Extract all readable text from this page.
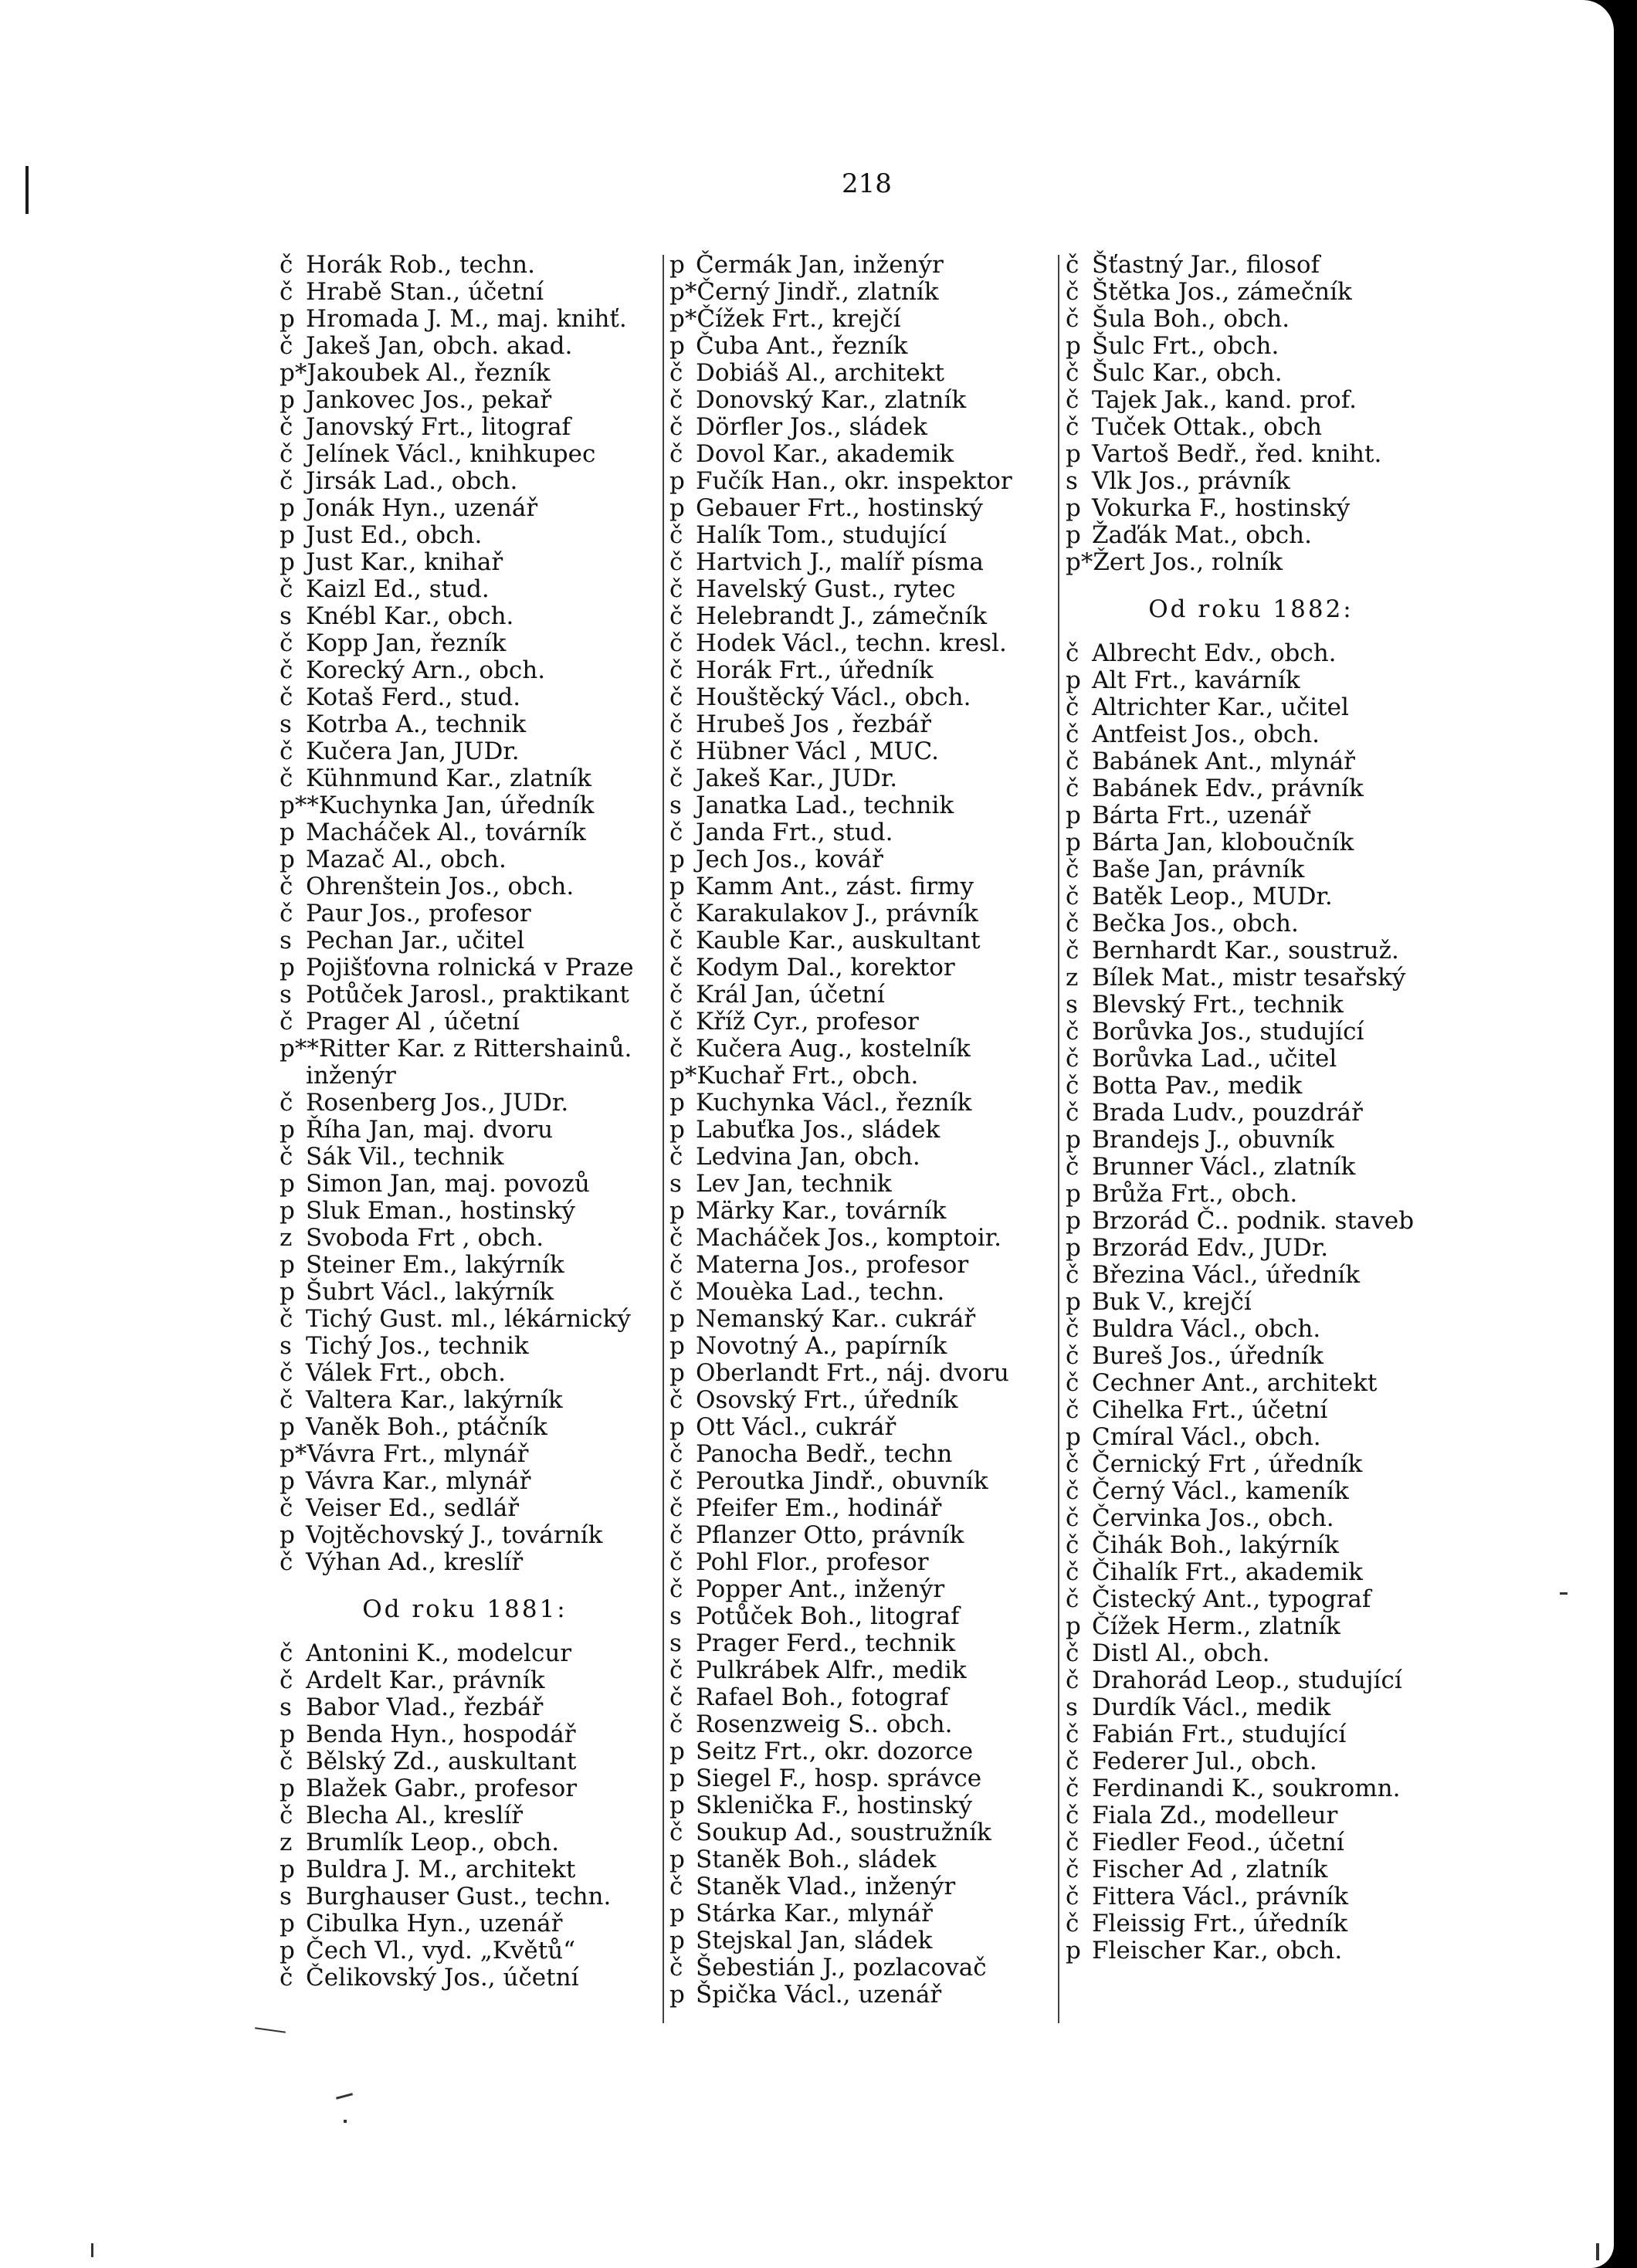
218
čHorák Rob., techn.
čHrabě Stan., účetní
pHromada J. M., maj. knihť.
čJakeš Jan, obch. akad.
p*Jakoubek Al., řezník
pJankovec Jos., pekař
čJanovský Frt., litograf
čJelínek Václ., knihkupec
čJirsák Lad., obch.
pJonák Hyn., uzenář
pJust Ed., obch.
pJust Kar., knihař
čKaizl Ed., stud.
sKnébl Kar., obch.
čKopp Jan, řezník
čKorecký Arn., obch.
čKotaš Ferd., stud.
sKotrba A., technik
čKučera Jan, JUDr.
čKühnmund Kar., zlatník
p**Kuchynka Jan, úředník
pMacháček Al., továrník
pMazač Al., obch.
čOhrenštein Jos., obch.
čPaur Jos., profesor
sPechan Jar., učitel
pPojišťovna rolnická v Praze
sPotůček Jarosl., praktikant
čPrager Al , účetní
p**Ritter Kar. z Rittershainů.
inženýr
čRosenberg Jos., JUDr.
pŘíha Jan, maj. dvoru
čSák Vil., technik
pSimon Jan, maj. povozů
pSluk Eman., hostinský
zSvoboda Frt , obch.
pSteiner Em., lakýrník
pŠubrt Václ., lakýrník
čTichý Gust. ml., lékárnický
sTichý Jos., technik
čVálek Frt., obch.
čValtera Kar., lakýrník
pVaněk Boh., ptáčník
p*Vávra Frt., mlynář
pVávra Kar., mlynář
čVeiser Ed., sedlář
pVojtěchovský J., továrník
čVýhan Ad., kreslíř
Od roku 1881:
čAntonini K., modelcur
čArdelt Kar., právník
sBabor Vlad., řezbář
pBenda Hyn., hospodář
čBělský Zd., auskultant
pBlažek Gabr., profesor
čBlecha Al., kreslíř
zBrumlík Leop., obch.
pBuldra J. M., architekt
sBurghauser Gust., techn.
pCibulka Hyn., uzenář
pČech Vl., vyd. „Květů“
čČelikovský Jos., účetní
pČermák Jan, inženýr
p*Černý Jindř., zlatník
p*Čížek Frt., krejčí
pČuba Ant., řezník
čDobiáš Al., architekt
čDonovský Kar., zlatník
čDörfler Jos., sládek
čDovol Kar., akademik
pFučík Han., okr. inspektor
pGebauer Frt., hostinský
čHalík Tom., studující
čHartvich J., malíř písma
čHavelský Gust., rytec
čHelebrandt J., zámečník
čHodek Václ., techn. kresl.
čHorák Frt., úředník
čHouštěcký Václ., obch.
čHrubeš Jos , řezbář
čHübner Václ , MUC.
čJakeš Kar., JUDr.
sJanatka Lad., technik
čJanda Frt., stud.
pJech Jos., kovář
pKamm Ant., zást. firmy
čKarakulakov J., právník
čKauble Kar., auskultant
čKodym Dal., korektor
čKrál Jan, účetní
čKříž Cyr., profesor
čKučera Aug., kostelník
p*Kuchař Frt., obch.
pKuchynka Václ., řezník
pLabuťka Jos., sládek
čLedvina Jan, obch.
sLev Jan, technik
pMärky Kar., továrník
čMacháček Jos., komptoir.
čMaterna Jos., profesor
čMouèka Lad., techn.
pNemanský Kar.. cukrář
pNovotný A., papírník
pOberlandt Frt., náj. dvoru
čOsovský Frt., úředník
pOtt Václ., cukrář
čPanocha Bedř., techn
čPeroutka Jindř., obuvník
čPfeifer Em., hodinář
čPflanzer Otto, právník
čPohl Flor., profesor
čPopper Ant., inženýr
sPotůček Boh., litograf
sPrager Ferd., technik
čPulkrábek Alfr., medik
čRafael Boh., fotograf
čRosenzweig S.. obch.
pSeitz Frt., okr. dozorce
pSiegel F., hosp. správce
pSklenička F., hostinský
čSoukup Ad., soustružník
pStaněk Boh., sládek
čStaněk Vlad., inženýr
pStárka Kar., mlynář
pStejskal Jan, sládek
čŠebestián J., pozlacovač
pŠpička Václ., uzenář
čŠťastný Jar., filosof
čŠtětka Jos., zámečník
čŠula Boh., obch.
pŠulc Frt., obch.
čŠulc Kar., obch.
čTajek Jak., kand. prof.
čTuček Ottak., obch
pVartoš Bedř., řed. kniht.
sVlk Jos., právník
pVokurka F., hostinský
pŽaďák Mat., obch.
p*Žert Jos., rolník
Od roku 1882:
čAlbrecht Edv., obch.
pAlt Frt., kavárník
čAltrichter Kar., učitel
čAntfeist Jos., obch.
čBabánek Ant., mlynář
čBabánek Edv., právník
pBárta Frt., uzenář
pBárta Jan, kloboučník
čBaše Jan, právník
čBatěk Leop., MUDr.
čBečka Jos., obch.
čBernhardt Kar., soustruž.
zBílek Mat., mistr tesařský
sBlevský Frt., technik
čBorůvka Jos., studující
čBorůvka Lad., učitel
čBotta Pav., medik
čBrada Ludv., pouzdrář
pBrandejs J., obuvník
čBrunner Václ., zlatník
pBrůža Frt., obch.
pBrzorád Č.. podnik. staveb
pBrzorád Edv., JUDr.
čBřezina Václ., úředník
pBuk V., krejčí
čBuldra Václ., obch.
čBureš Jos., úředník
čCechner Ant., architekt
čCihelka Frt., účetní
pCmíral Václ., obch.
čČernický Frt , úředník
čČerný Václ., kameník
čČervinka Jos., obch.
čČihák Boh., lakýrník
čČihalík Frt., akademik
čČistecký Ant., typograf
pČížek Herm., zlatník
čDistl Al., obch.
čDrahorád Leop., studující
sDurdík Václ., medik
čFabián Frt., studující
čFederer Jul., obch.
čFerdinandi K., soukromn.
čFiala Zd., modelleur
čFiedler Feod., účetní
čFischer Ad , zlatník
čFittera Václ., právník
čFleissig Frt., úředník
pFleischer Kar., obch.
